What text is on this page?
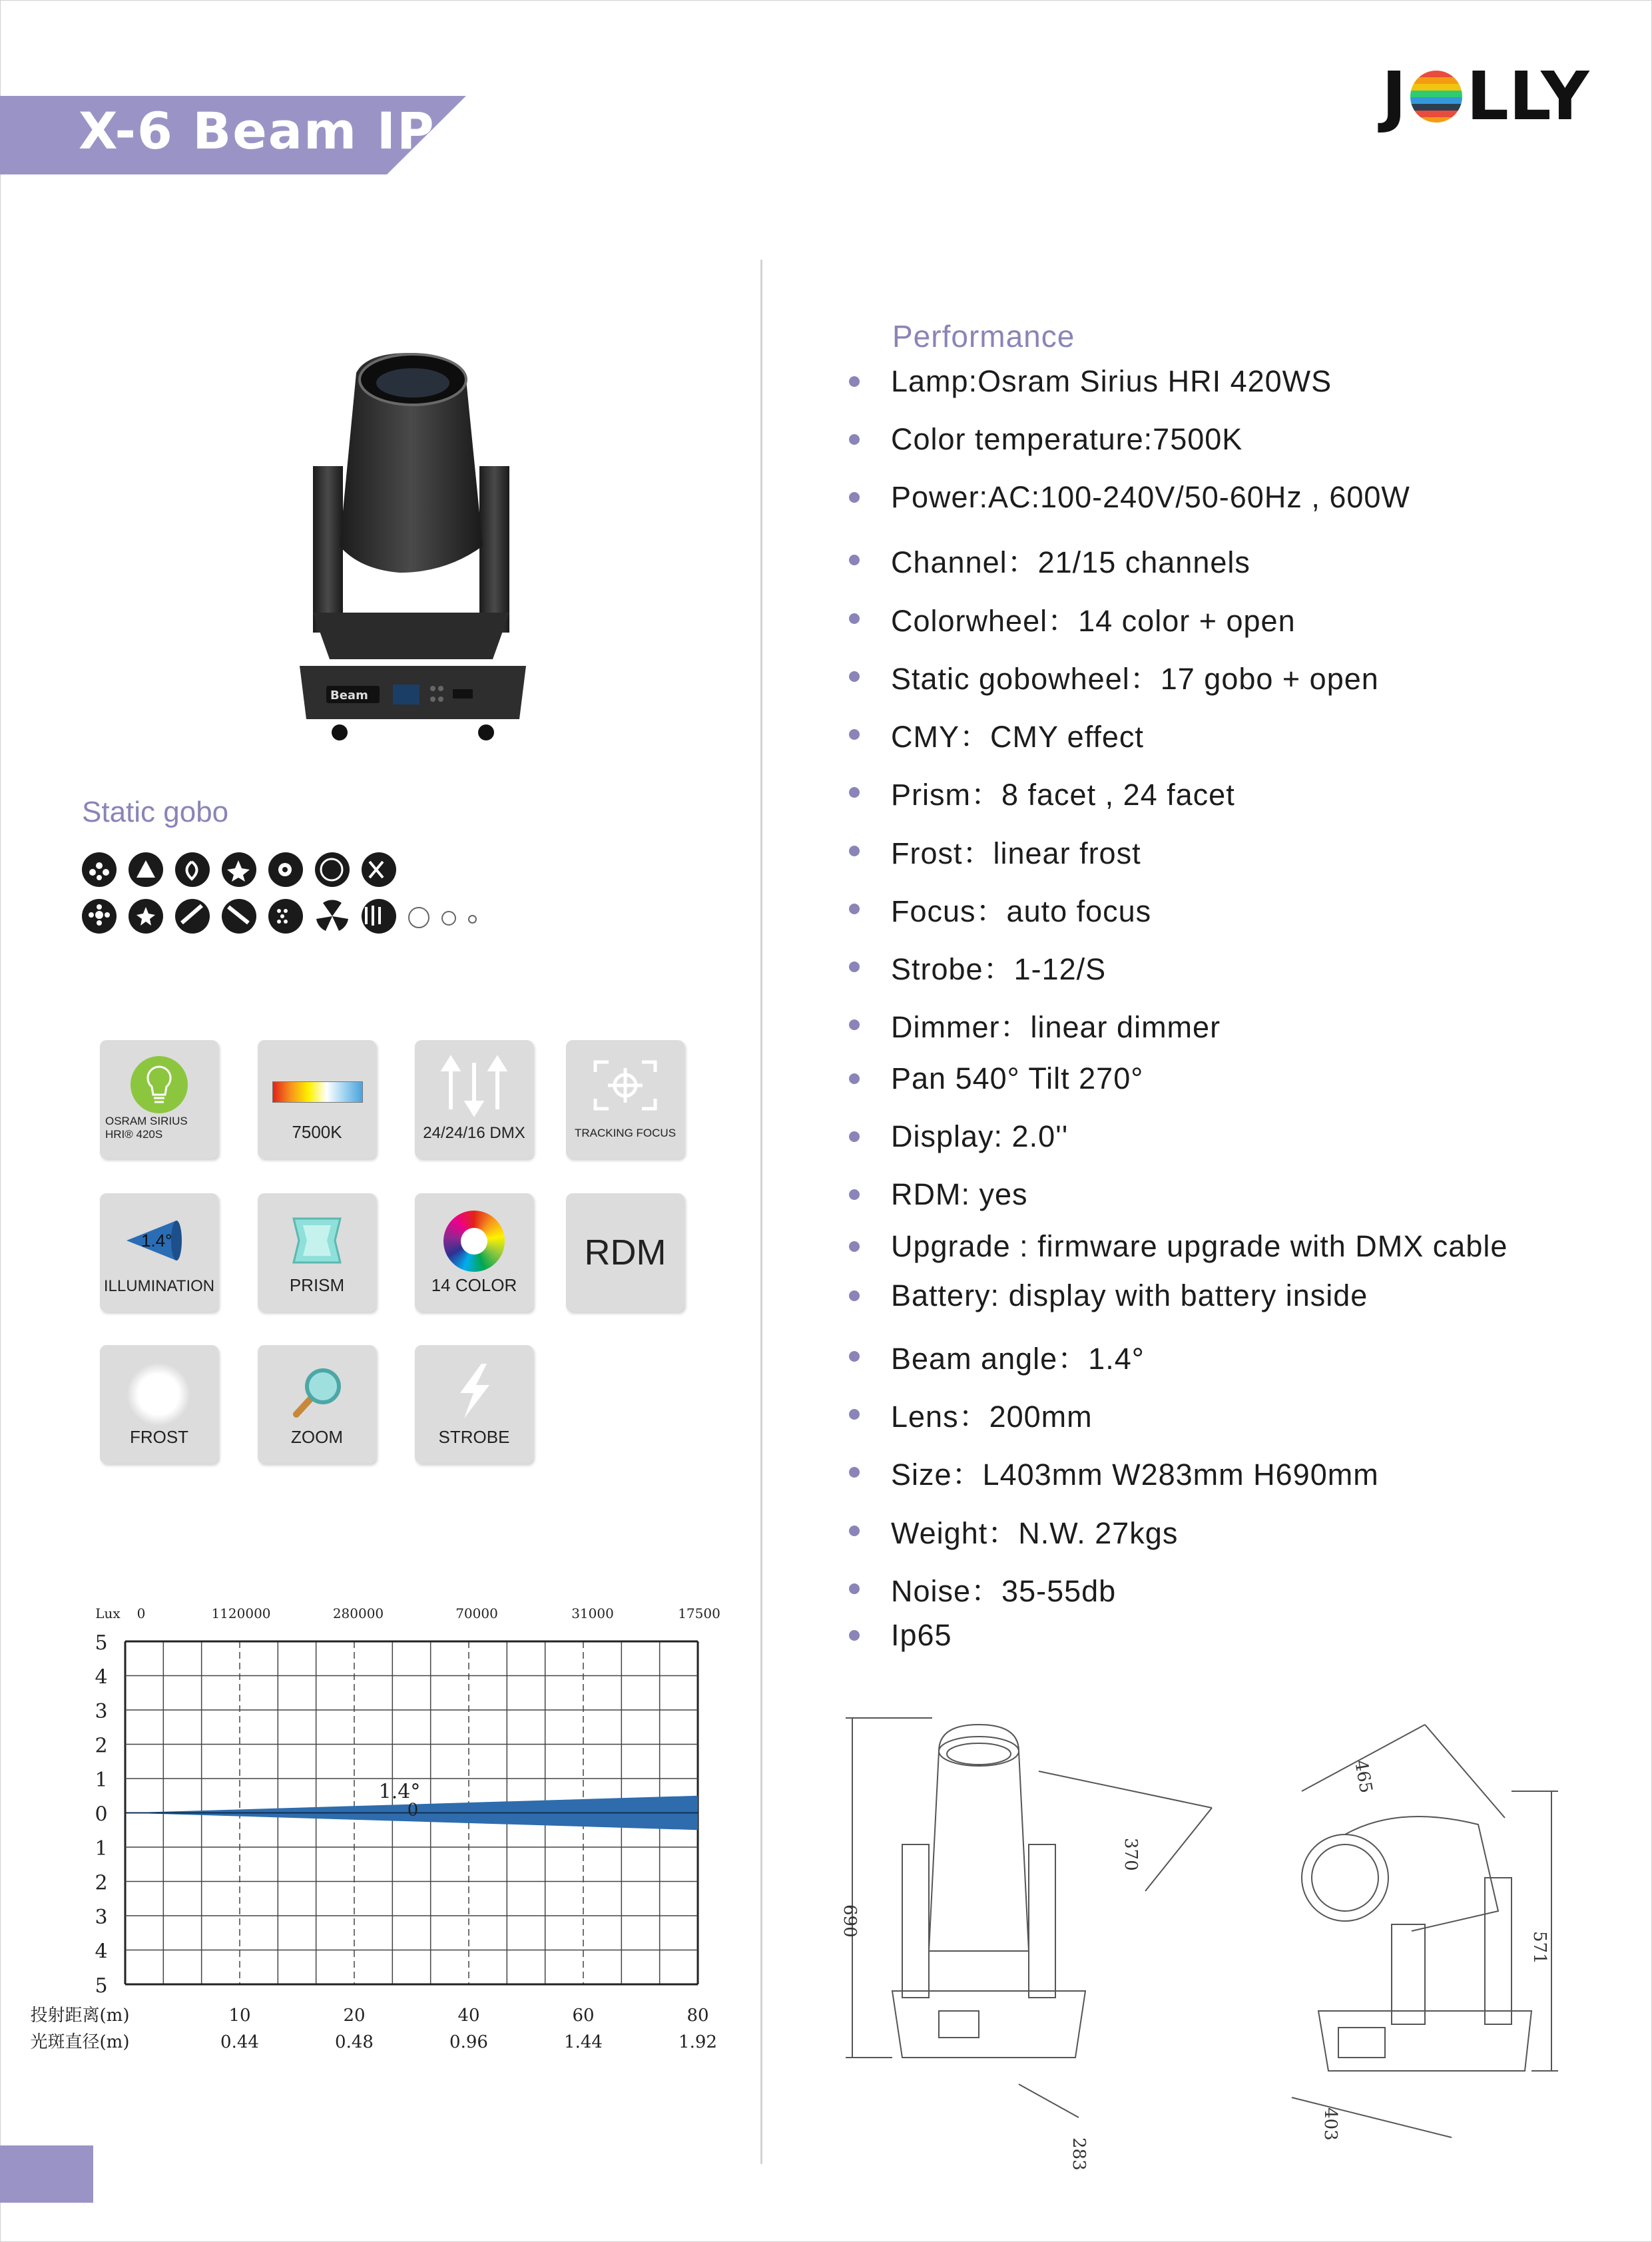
X-6 Beam IP	J LLY
Beam
Static gobo
OSRAM SIRIUS HRI® 420S	7500K	24/24/16 DMX	TRACKING FOCUS
1.4°
ILLUMINATION	PRISM	14 COLOR
RDM
FROST	ZOOM	STROBE
Performance
Lamp:Osram Sirius HRI 420WS
Color temperature:7500K
Power:AC:100-240V/50-60Hz , 600W
Channel：21/15 channels
Colorwheel：14 color + open
Static gobowheel：17 gobo + open
CMY：CMY effect
Prism：8 facet , 24 facet
Frost：linear frost
Focus：auto focus
Strobe：1-12/S
Dimmer：linear dimmer
Pan 540° Tilt 270°
Display: 2.0''
RDM: yes
Upgrade : firmware upgrade with DMX cable
Battery: display with battery inside
Beam angle：1.4°
Lens：200mm
Size：L403mm W283mm H690mm
Weight：N.W. 27kgs
Noise：35-55db
Ip65
5
4
3
2
1
0
1
2
3
4
5
Lux 0	1120000	280000	70000	31000	17500
1.4°
0
投射距离(m)
光斑直径(m)
10	20	40	60	80
0.44	0.48	0.96	1.44	1.92
690
370
283
465
571
403
